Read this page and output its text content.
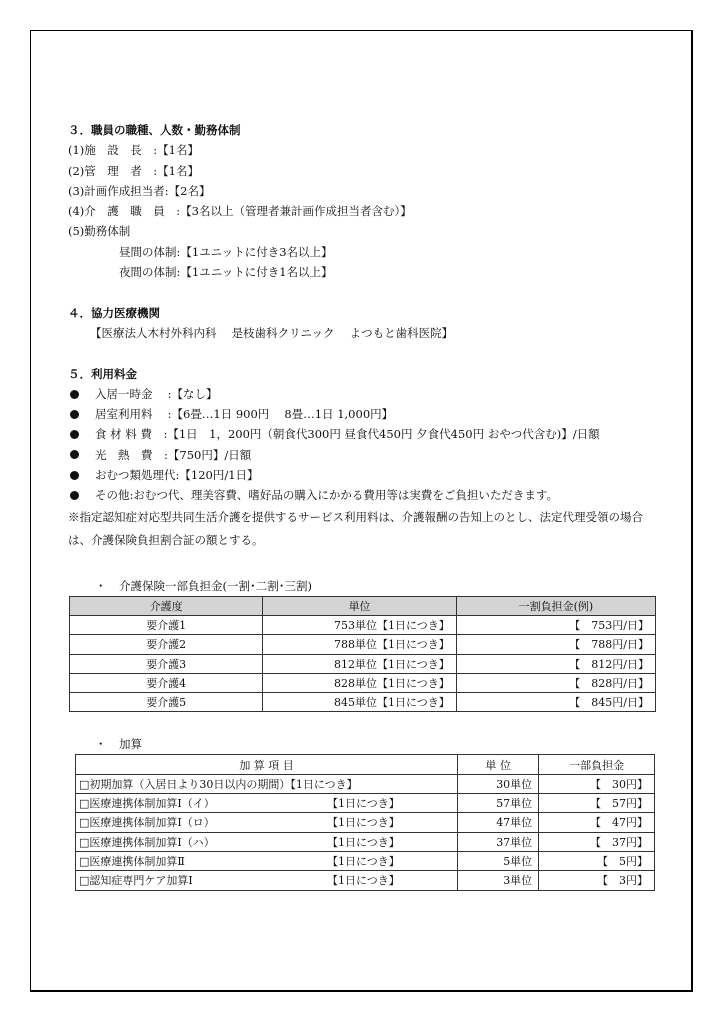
３．職員の職種、人数・勤務体制
(1)施　設　長　:【1名】
(2)管　理　者　:【1名】
(3)計画作成担当者:【2名】
(4)介　護　職　員　:【3名以上（管理者兼計画作成担当者含む）】
(5)勤務体制
昼間の体制:【1ユニットに付き3名以上】
夜間の体制:【1ユニットに付き1名以上】
４．協力医療機関
【医療法人木村外科内科　 是枝歯科クリニック　 よつもと歯科医院】
５．利用料金
入居一時金　 :【なし】
居室利用料　 :【6畳…1日 900円　 8畳…1日 1,000円】
食 材 料 費　:【1日　1，200円（朝食代300円 昼食代450円 夕食代450円 おやつ代含む)】/日額
光　熱　費　:【750円】/日額
おむつ類処理代:【120円/1日】
その他:おむつ代、理美容費、嗜好品の購入にかかる費用等は実費をご負担いただきます。
※指定認知症対応型共同生活介護を提供するサービス利用料は、介護報酬の告知上のとし、法定代理受領の場合は、介護保険負担割合証の額とする。
・ 介護保険一部負担金(一割･二割･三割)
介護度	単位	一割負担金(例)
要介護1	753単位【1日につき】	【　753円/日】
要介護2	788単位【1日につき】	【　788円/日】
要介護3	812単位【1日につき】	【　812円/日】
要介護4	828単位【1日につき】	【　828円/日】
要介護5	845単位【1日につき】	【　845円/日】
・ 加算
加 算 項 目	単 位	一部負担金
□初期加算（入居日より30日以内の期間）【1日につき】	30単位	【　30円】
□医療連携体制加算Ⅰ（イ） 【1日につき】	57単位	【　57円】
□医療連携体制加算Ⅰ（ロ） 【1日につき】	47単位	【　47円】
□医療連携体制加算Ⅰ（ハ） 【1日につき】	37単位	【　37円】
□医療連携体制加算Ⅱ 【1日につき】	5単位	【　5円】
□認知症専門ケア加算Ⅰ 【1日につき】	3単位	【　3円】
